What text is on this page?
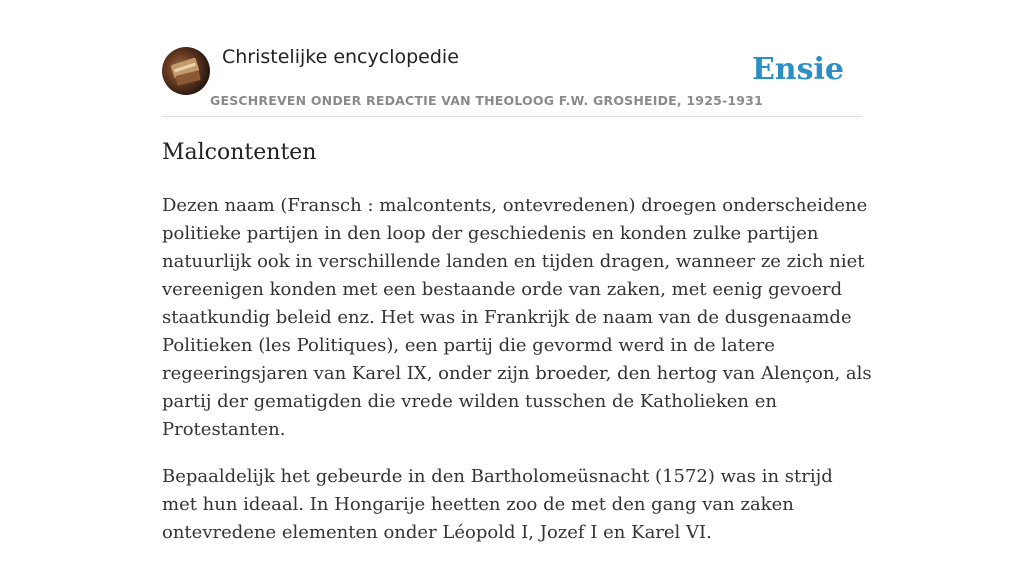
Christelijke encyclopedie
GESCHREVEN ONDER REDACTIE VAN THEOLOOG F.W. GROSHEIDE, 1925-1931
Ensie
Malcontenten

Dezen naam (Fransch : malcontents, ontevredenen) droegen onderscheidene politieke partijen in den loop der geschiedenis en konden zulke partijen natuurlijk ook in verschillende landen en tijden dragen, wanneer ze zich niet vereenigen konden met een bestaande orde van zaken, met eenig gevoerd staatkundig beleid enz. Het was in Frankrijk de naam van de dusgenaamde Politieken (les Politiques), een partij die gevormd werd in de latere regeeringsjaren van Karel IX, onder zijn broeder, den hertog van Alençon, als partij der gematigden die vrede wilden tusschen de Katholieken en Protestanten.

Bepaaldelijk het gebeurde in den Bartholomeüsnacht (1572) was in strijd met hun ideaal. In Hongarije heetten zoo de met den gang van zaken ontevredene elementen onder Léopold I, Jozef I en Karel VI.
